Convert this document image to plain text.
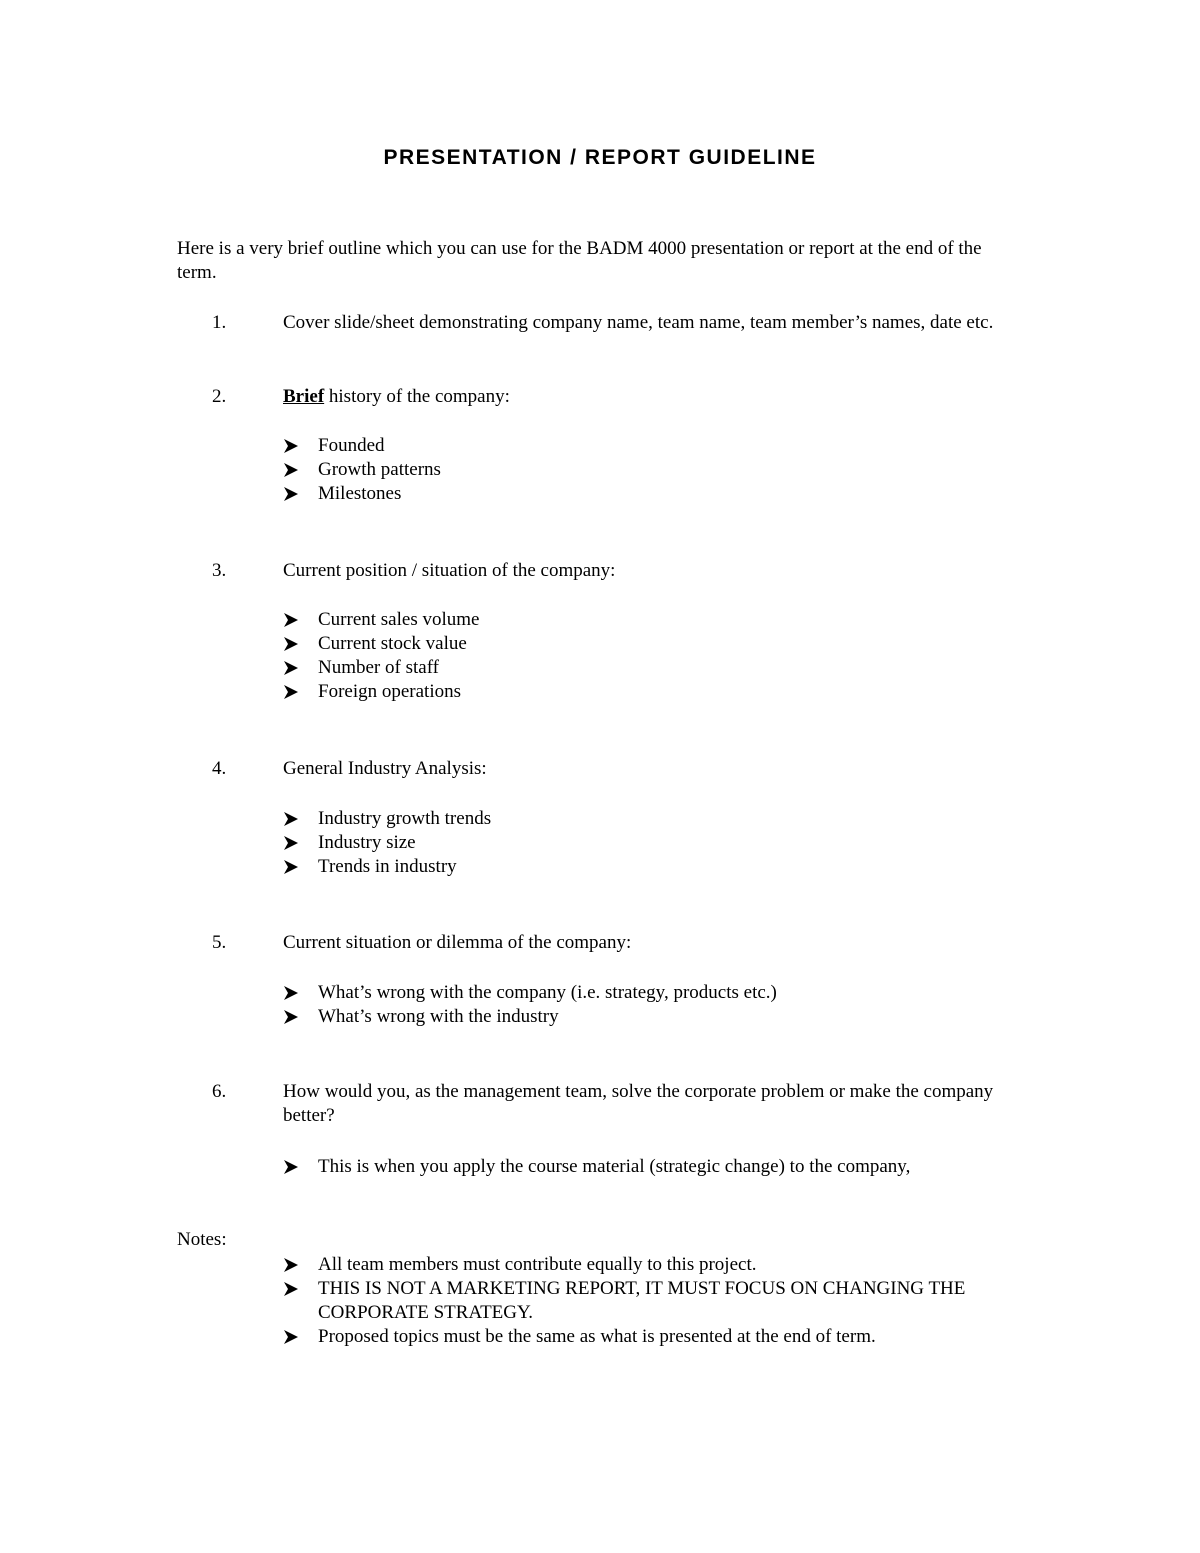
PRESENTATION / REPORT GUIDELINE
Here is a very brief outline which you can use for the BADM 4000 presentation or report at the end of the term.
1.	Cover slide/sheet demonstrating company name, team name, team member’s names, date etc.
2.	Brief history of the company:
Founded
Growth patterns
Milestones
3.	Current position / situation of the company:
Current sales volume
Current stock value
Number of staff
Foreign operations
4.	General Industry Analysis:
Industry growth trends
Industry size
Trends in industry
5.	Current situation or dilemma of the company:
What’s wrong with the company (i.e. strategy, products etc.)
What’s wrong with the industry
6.	How would you, as the management team, solve the corporate problem or make the company better?
This is when you apply the course material (strategic change) to the company,
Notes:
All team members must contribute equally to this project.
THIS IS NOT A MARKETING REPORT, IT MUST FOCUS ON CHANGING THE CORPORATE STRATEGY.
Proposed topics must be the same as what is presented at the end of term.
